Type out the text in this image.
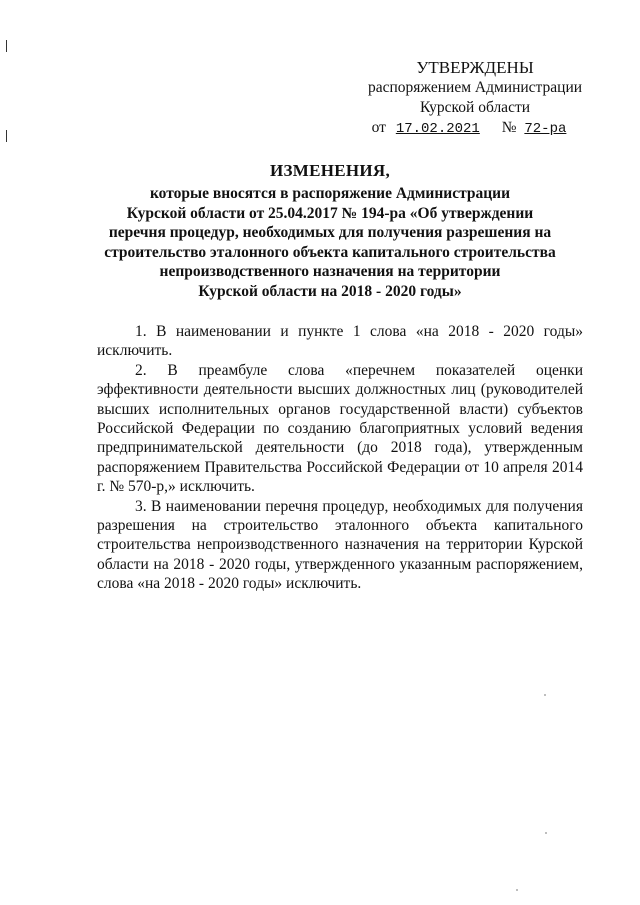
УТВЕРЖДЕНЫ
распоряжением Администрации
Курской области
от 17.02.2021 № 72-ра
ИЗМЕНЕНИЯ,
которые вносятся в распоряжение Администрации
Курской области от 25.04.2017 № 194-ра «Об утверждении
перечня процедур, необходимых для получения разрешения на
строительство эталонного объекта капитального строительства
непроизводственного назначения на территории
Курской области на 2018 - 2020 годы»

1. В наименовании и пункте 1 слова «на 2018 - 2020 годы» исключить.

2. В преамбуле слова «перечнем показателей оценки эффективности деятельности высших должностных лиц (руководителей высших исполнительных органов государственной власти) субъектов Российской Федерации по созданию благоприятных условий ведения предпринимательской деятельности (до 2018 года), утвержденным распоряжением Правительства Российской Федерации от 10 апреля 2014 г. № 570-р,» исключить.

3. В наименовании перечня процедур, необходимых для получения разрешения на строительство эталонного объекта капитального строительства непроизводственного назначения на территории Курской области на 2018 - 2020 годы, утвержденного указанным распоряжением, слова «на 2018 - 2020 годы» исключить.
